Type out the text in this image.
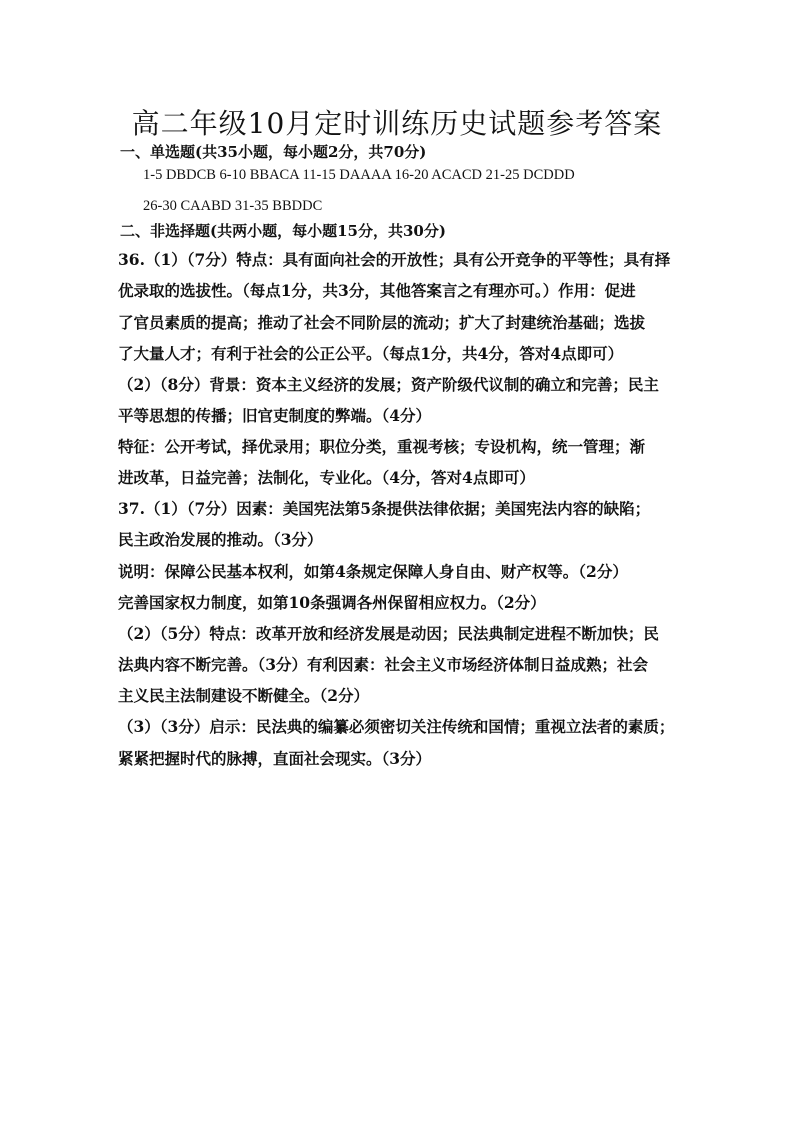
高二年级10月定时训练历史试题参考答案
一、单选题(共35小题，每小题2分，共70分)
1-5 DBDCB 6-10 BBACA 11-15 DAAAA 16-20 ACACD 21-25 DCDDD
26-30 CAABD 31-35 BBDDC
二、非选择题(共两小题，每小题15分，共30分)
36.（1）（7分）特点：具有面向社会的开放性；具有公开竞争的平等性；具有择
优录取的选拔性。（每点1分，共3分，其他答案言之有理亦可。）作用：促进
了官员素质的提高；推动了社会不同阶层的流动；扩大了封建统治基础；选拔
了大量人才；有利于社会的公正公平。（每点1分，共4分，答对4点即可）
（2）（8分）背景：资本主义经济的发展；资产阶级代议制的确立和完善；民主
平等思想的传播；旧官吏制度的弊端。（4分）
特征：公开考试，择优录用；职位分类，重视考核；专设机构，统一管理；渐
进改革，日益完善；法制化，专业化。（4分，答对4点即可）
37.（1）（7分）因素：美国宪法第5条提供法律依据；美国宪法内容的缺陷；
民主政治发展的推动。（3分）
说明：保障公民基本权利，如第4条规定保障人身自由、财产权等。（2分）
完善国家权力制度，如第10条强调各州保留相应权力。（2分）
（2）（5分）特点：改革开放和经济发展是动因；民法典制定进程不断加快；民
法典内容不断完善。（3分）有利因素：社会主义市场经济体制日益成熟；社会
主义民主法制建设不断健全。（2分）
（3）（3分）启示：民法典的编纂必须密切关注传统和国情；重视立法者的素质；
紧紧把握时代的脉搏，直面社会现实。（3分）
